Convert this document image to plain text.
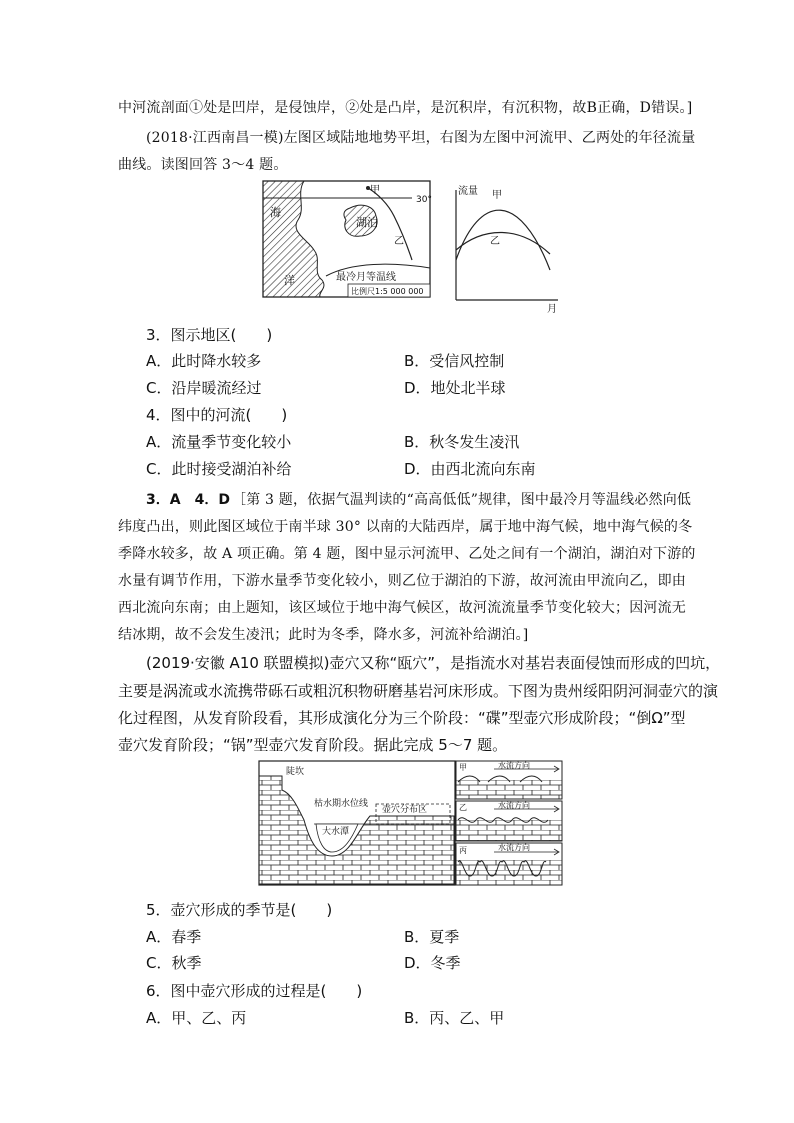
中河流剖面①处是凹岸，是侵蚀岸，②处是凸岸，是沉积岸，有沉积物，故B正确，D错误。]
(2018·江西南昌一模)左图区域陆地地势平坦，右图为左图中河流甲、乙两处的年径流量
曲线。读图回答 3～4 题。
海
洋
湖泊
甲
乙
30°
最冷月等温线
比例尺1:5 000 000
流量
月
甲
乙
3．图示地区(　　)
A．此时降水较多	B．受信风控制
C．沿岸暖流经过	D．地处北半球
4．图中的河流(　　)
A．流量季节变化较小	B．秋冬发生凌汛
C．此时接受湖泊补给	D．由西北流向东南
3．A　4．D ［第 3 题，依据气温判读的“高高低低”规律，图中最冷月等温线必然向低
纬度凸出，则此图区域位于南半球 30° 以南的大陆西岸，属于地中海气候，地中海气候的冬
季降水较多，故 A 项正确。第 4 题，图中显示河流甲、乙处之间有一个湖泊，湖泊对下游的
水量有调节作用，下游水量季节变化较小，则乙位于湖泊的下游，故河流由甲流向乙，即由
西北流向东南；由上题知，该区域位于地中海气候区，故河流流量季节变化较大；因河流无
结冰期，故不会发生凌汛；此时为冬季，降水多，河流补给湖泊。]
(2019·安徽 A10 联盟模拟)壶穴又称“瓯穴”，是指流水对基岩表面侵蚀而形成的凹坑，
主要是涡流或水流携带砾石或粗沉积物研磨基岩河床形成。下图为贵州绥阳阴河洞壶穴的演
化过程图，从发育阶段看，其形成演化分为三个阶段：“碟”型壶穴形成阶段；“倒Ω”型
壶穴发育阶段；“锅”型壶穴发育阶段。据此完成 5～7 题。
陡坎
枯水期水位线
大水潭
壶穴分布区
甲	水流方向
乙	水流方向
丙	水流方向
5．壶穴形成的季节是(　　)
A．春季	B．夏季
C．秋季	D．冬季
6．图中壶穴形成的过程是(　　)
A．甲、乙、丙	B．丙、乙、甲
